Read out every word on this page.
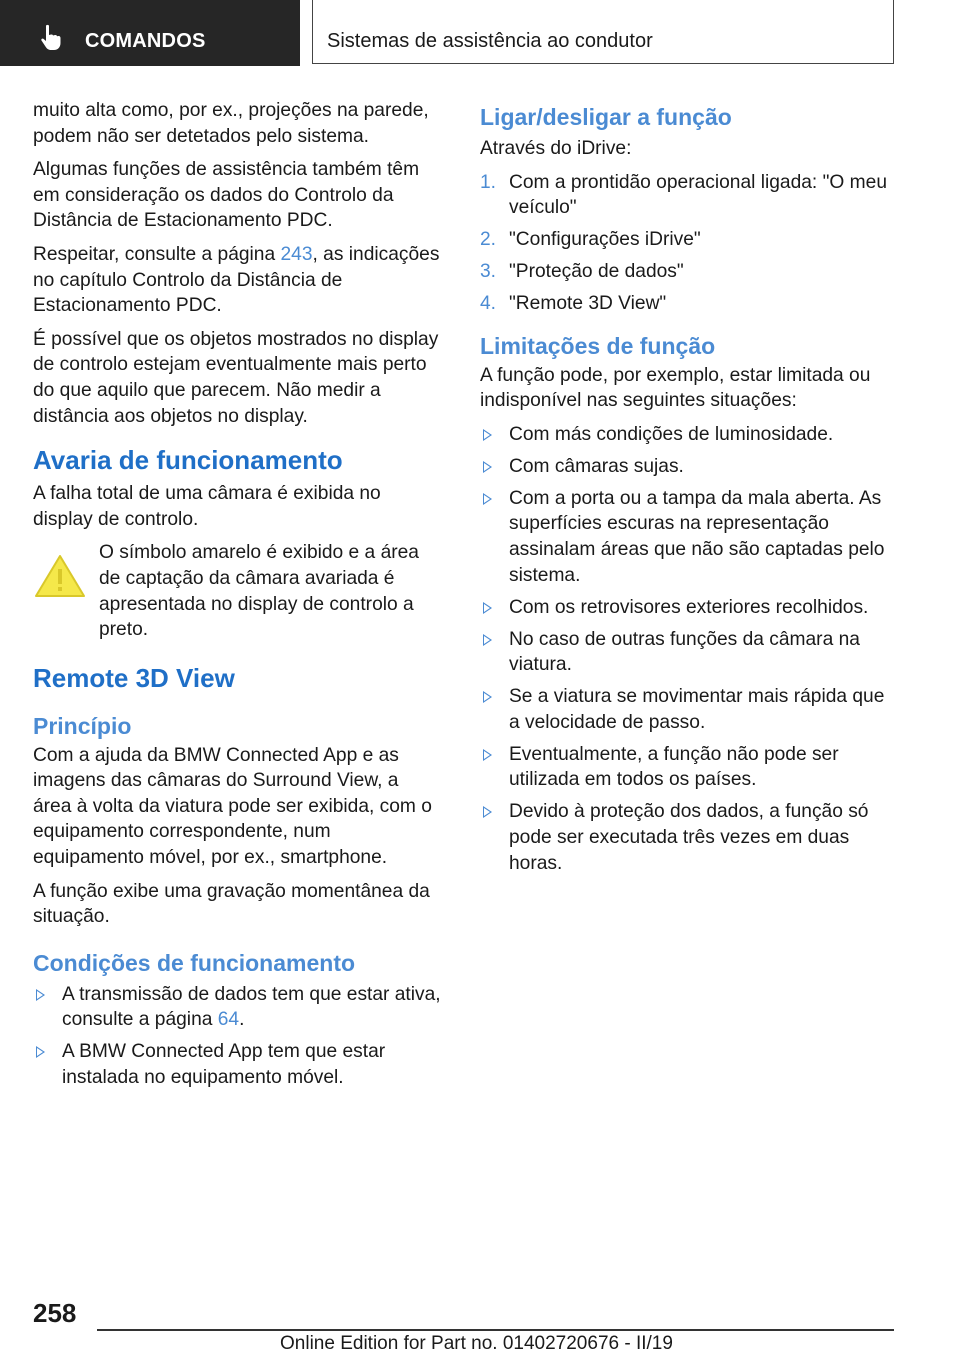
COMANDOS	Sistemas de assistência ao condutor

muito alta como, por ex., projeções na parede, podem não ser detetados pelo sistema.

Algumas funções de assistência também têm em consideração os dados do Controlo da Distância de Estacionamento PDC.

Respeitar, consulte a página 243, as indicações no capítulo Controlo da Distância de Estacionamento PDC.

É possível que os objetos mostrados no display de controlo estejam eventualmente mais perto do que aquilo que parecem. Não medir a distância aos objetos no display.

Avaria de funcionamento

A falha total de uma câmara é exibida no display de controlo.

O símbolo amarelo é exibido e a área de captação da câmara avariada é apresentada no display de controlo a preto.

Remote 3D View
Princípio

Com a ajuda da BMW Connected App e as imagens das câmaras do Surround View, a área à volta da viatura pode ser exibida, com o equipamento correspondente, num equipamento móvel, por ex., smartphone.

A função exibe uma gravação momentânea da situação.

Condições de funcionamento
A transmissão de dados tem que estar ativa, consulte a página 64.
A BMW Connected App tem que estar instalada no equipamento móvel.
Ligar/desligar a função

Através do iDrive:

1. Com a prontidão operacional ligada: "O meu veículo"
2. "Configurações iDrive"
3. "Proteção de dados"
4. "Remote 3D View"
Limitações de função

A função pode, por exemplo, estar limitada ou indisponível nas seguintes situações:

Com más condições de luminosidade.
Com câmaras sujas.
Com a porta ou a tampa da mala aberta. As superfícies escuras na representação assinalam áreas que não são captadas pelo sistema.
Com os retrovisores exteriores recolhidos.
No caso de outras funções da câmara na viatura.
Se a viatura se movimentar mais rápida que a velocidade de passo.
Eventualmente, a função não pode ser utilizada em todos os países.
Devido à proteção dos dados, a função só pode ser executada três vezes em duas horas.
258
Online Edition for Part no. 01402720676 - II/19
